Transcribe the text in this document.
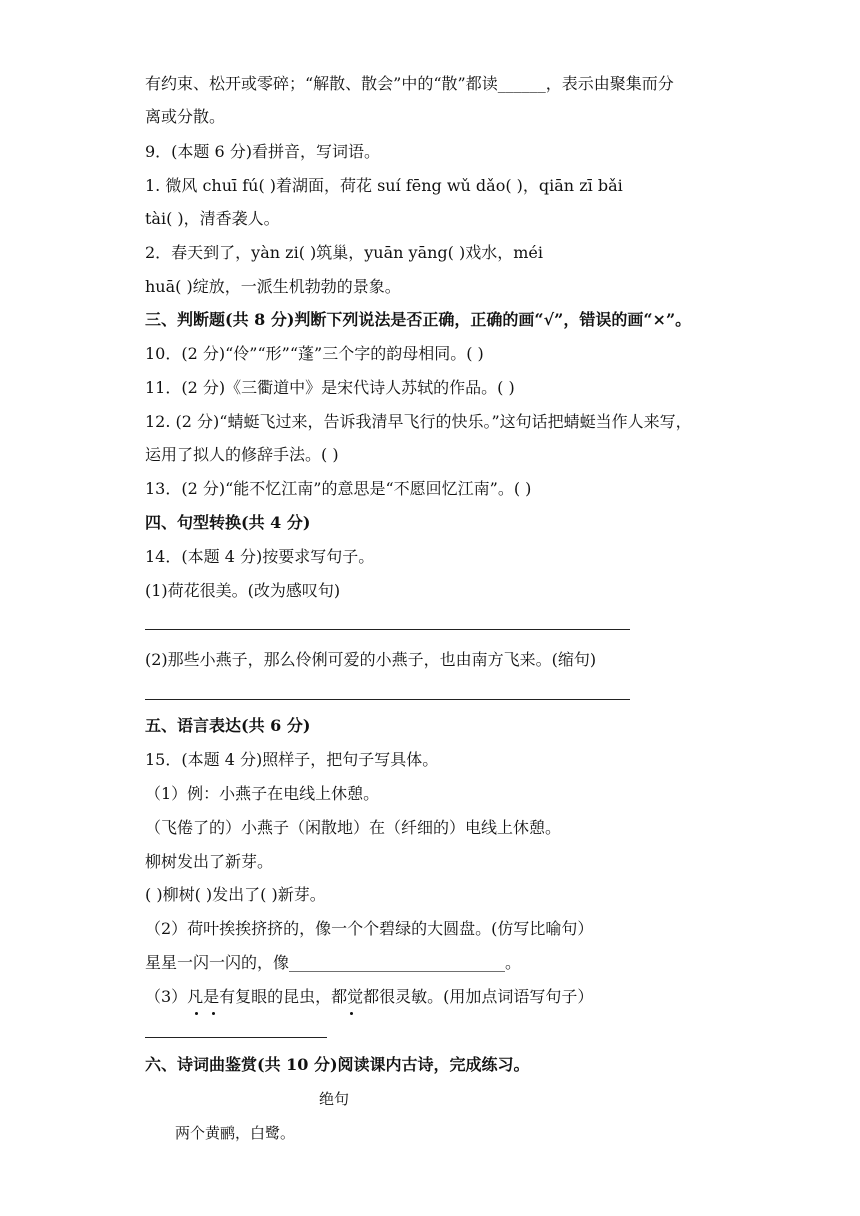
有约束、松开或零碎；“解散、散会”中的“散”都读______，表示由聚集而分
离或分散。
9．(本题 6 分)看拼音，写词语。
1. 微风 chuī fú( )着湖面，荷花 suí fēng wǔ dǎo( )，qiān zī bǎi
tài( )，清香袭人。
2．春天到了，yàn zi( )筑巢，yuān yāng( )戏水，méi
huā( )绽放，一派生机勃勃的景象。
三、判断题(共 8 分)判断下列说法是否正确，正确的画“√”，错误的画“×”。
10．(2 分)“伶”“形”“蓬”三个字的韵母相同。( )
11．(2 分)《三衢道中》是宋代诗人苏轼的作品。( )
12. (2 分)“蜻蜓飞过来，告诉我清早飞行的快乐。”这句话把蜻蜓当作人来写，
运用了拟人的修辞手法。( )
13．(2 分)“能不忆江南”的意思是“不愿回忆江南”。( )
四、句型转换(共 4 分)
14．(本题 4 分)按要求写句子。
(1)荷花很美。(改为感叹句)
(2)那些小燕子，那么伶俐可爱的小燕子，也由南方飞来。(缩句)
五、语言表达(共 6 分)
15．(本题 4 分)照样子，把句子写具体。
（1）例：小燕子在电线上休憩。
（飞倦了的）小燕子（闲散地）在（纤细的）电线上休憩。
柳树发出了新芽。
( )柳树( )发出了( )新芽。
（2）荷叶挨挨挤挤的，像一个个碧绿的大圆盘。(仿写比喻句）
星星一闪一闪的，像___________________________。
（3）凡是有复眼的昆虫，都觉都很灵敏。(用加点词语写句子）
六、诗词曲鉴赏(共 10 分)阅读课内古诗，完成练习。
绝句
两个黄鹂，白鹭。
